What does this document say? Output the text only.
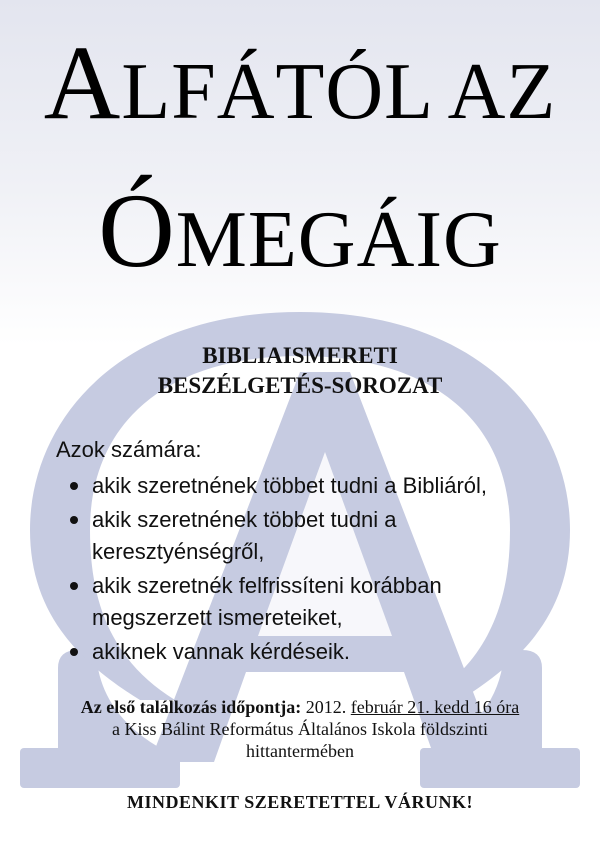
ALFÁTÓL AZ
ÓMEGÁIG
BIBLIAISMERETI
BESZÉLGETÉS-SOROZAT
Azok számára:
akik szeretnének többet tudni a Bibliáról,
akik szeretnének többet tudni a keresztyénségről,
akik szeretnék felfrissíteni korábban megszerzett ismereteiket,
akiknek vannak kérdéseik.
Az első találkozás időpontja: 2012. február 21. kedd 16 óra
a Kiss Bálint Református Általános Iskola földszinti
hittantermében
MINDENKIT SZERETETTEL VÁRUNK!
